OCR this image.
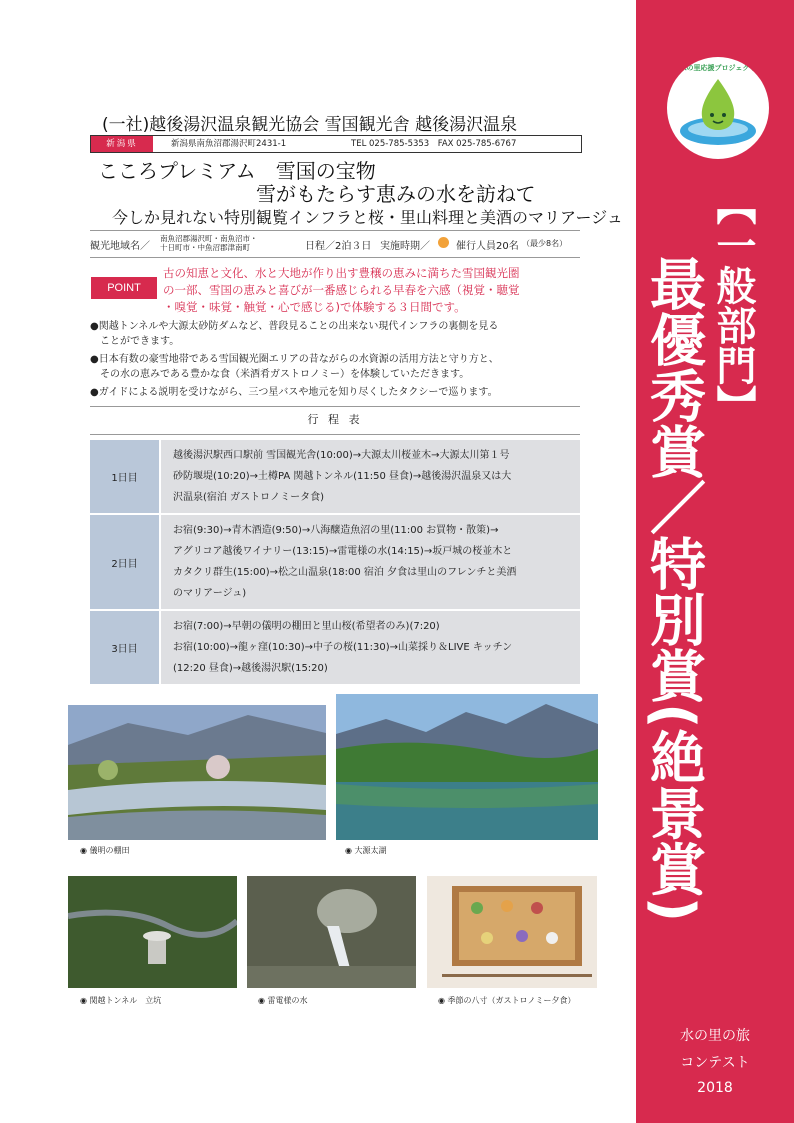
水の里応援プロジェクト
【一般部門】
最優秀賞／特別賞(絶景賞)
水の里の旅
コンテスト
2018
(一社)越後湯沢温泉観光協会 雪国観光舎 越後湯沢温泉
新潟県	新潟県南魚沼郡湯沢町2431-1	TEL 025-785-5353　FAX 025-785-6767
こころプレミアム　雪国の宝物
雪がもたらす恵みの水を訪ねて
今しか見れない特別観覧インフラと桜・里山料理と美酒のマリアージュ
観光地域名／
南魚沼郡湯沢町・南魚沼市・
十日町市・中魚沼郡津南町	日程／2泊３日 実施時期／	催行人員20名 （最少8名）
POINT
古の知恵と文化、水と大地が作り出す豊穣の恵みに満ちた雪国観光圏
の一部、雪国の恵みと喜びが一番感じられる早春を六感（視覚・聴覚
・嗅覚・味覚・触覚・心で感じる)で体験する３日間です。
●関越トンネルや大源太砂防ダムなど、普段見ることの出来ない現代インフラの裏側を見る
　ことができます。
●日本有数の豪雪地帯である雪国観光圏エリアの昔ながらの水資源の活用方法と守り方と、
　その水の恵みである豊かな食（米酒肴ガストロノミー）を体験していただきます。
●ガイドによる説明を受けながら、三つ星バスや地元を知り尽くしたタクシーで巡ります。
行 程 表
1日目	越後湯沢駅西口駅前 雪国観光舎(10:00)→大源太川桜並木→大源太川第１号
砂防堰堤(10:20)→土樽PA 関越トンネル(11:50 昼食)→越後湯沢温泉又は大
沢温泉(宿泊 ガストロノミータ食)

2日目	お宿(9:30)→青木酒造(9:50)→八海醸造魚沼の里(11:00 お買物・散策)→
アグリコア越後ワイナリー(13:15)→雷電様の水(14:15)→坂戸城の桜並木と
カタクリ群生(15:00)→松之山温泉(18:00 宿泊 夕食は里山のフレンチと美酒
のマリアージュ)

3日目	お宿(7:00)→早朝の儀明の棚田と里山桜(希望者のみ)(7:20)
お宿(10:00)→龍ヶ窪(10:30)→中子の桜(11:30)→山菜採り＆LIVE キッチン
(12:20 昼食)→越後湯沢駅(15:20)
◉ 儀明の棚田	◉ 大源太湖
◉ 関越トンネル　立坑	◉ 雷電様の水	◉ 季節の八寸（ガストロノミー夕食）
